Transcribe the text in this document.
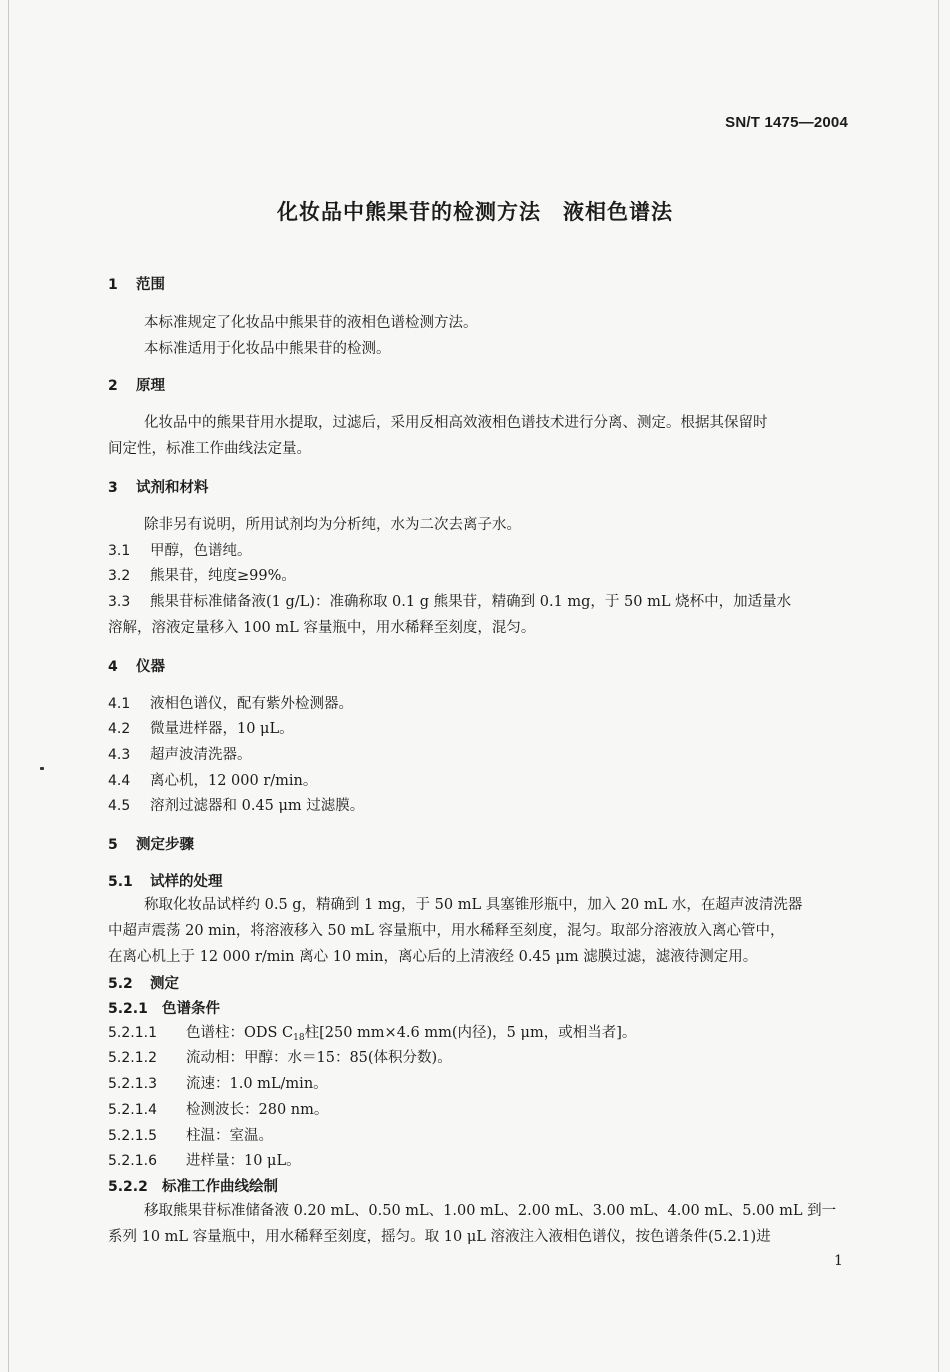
SN/T 1475—2004
化妆品中熊果苷的检测方法　液相色谱法
1 范围
本标准规定了化妆品中熊果苷的液相色谱检测方法。
本标准适用于化妆品中熊果苷的检测。
2 原理
化妆品中的熊果苷用水提取，过滤后，采用反相高效液相色谱技术进行分离、测定。根据其保留时
间定性，标准工作曲线法定量。
3 试剂和材料
除非另有说明，所用试剂均为分析纯，水为二次去离子水。
3.1 甲醇，色谱纯。
3.2 熊果苷，纯度≥99%。
3.3 熊果苷标准储备液(1 g/L)：准确称取 0.1 g 熊果苷，精确到 0.1 mg，于 50 mL 烧杯中，加适量水
溶解，溶液定量移入 100 mL 容量瓶中，用水稀释至刻度，混匀。
4 仪器
4.1 液相色谱仪，配有紫外检测器。
4.2 微量进样器，10 μL。
4.3 超声波清洗器。
4.4 离心机，12 000 r/min。
4.5 溶剂过滤器和 0.45 μm 过滤膜。
5 测定步骤
5.1 试样的处理
称取化妆品试样约 0.5 g，精确到 1 mg，于 50 mL 具塞锥形瓶中，加入 20 mL 水，在超声波清洗器
中超声震荡 20 min，将溶液移入 50 mL 容量瓶中，用水稀释至刻度，混匀。取部分溶液放入离心管中，
在离心机上于 12 000 r/min 离心 10 min，离心后的上清液经 0.45 μm 滤膜过滤，滤液待测定用。
5.2 测定
5.2.1 色谱条件
5.2.1.1 色谱柱：ODS $C_{18}$柱[250 mm×4.6 mm(内径)，5 μm，或相当者]。
5.2.1.2 流动相：甲醇：水＝15：85(体积分数)。
5.2.1.3 流速：1.0 mL/min。
5.2.1.4 检测波长：280 nm。
5.2.1.5 柱温：室温。
5.2.1.6 进样量：10 μL。
5.2.2 标准工作曲线绘制
移取熊果苷标准储备液 0.20 mL、0.50 mL、1.00 mL、2.00 mL、3.00 mL、4.00 mL、5.00 mL 到一
系列 10 mL 容量瓶中，用水稀释至刻度，摇匀。取 10 μL 溶液注入液相色谱仪，按色谱条件(5.2.1)进
1
